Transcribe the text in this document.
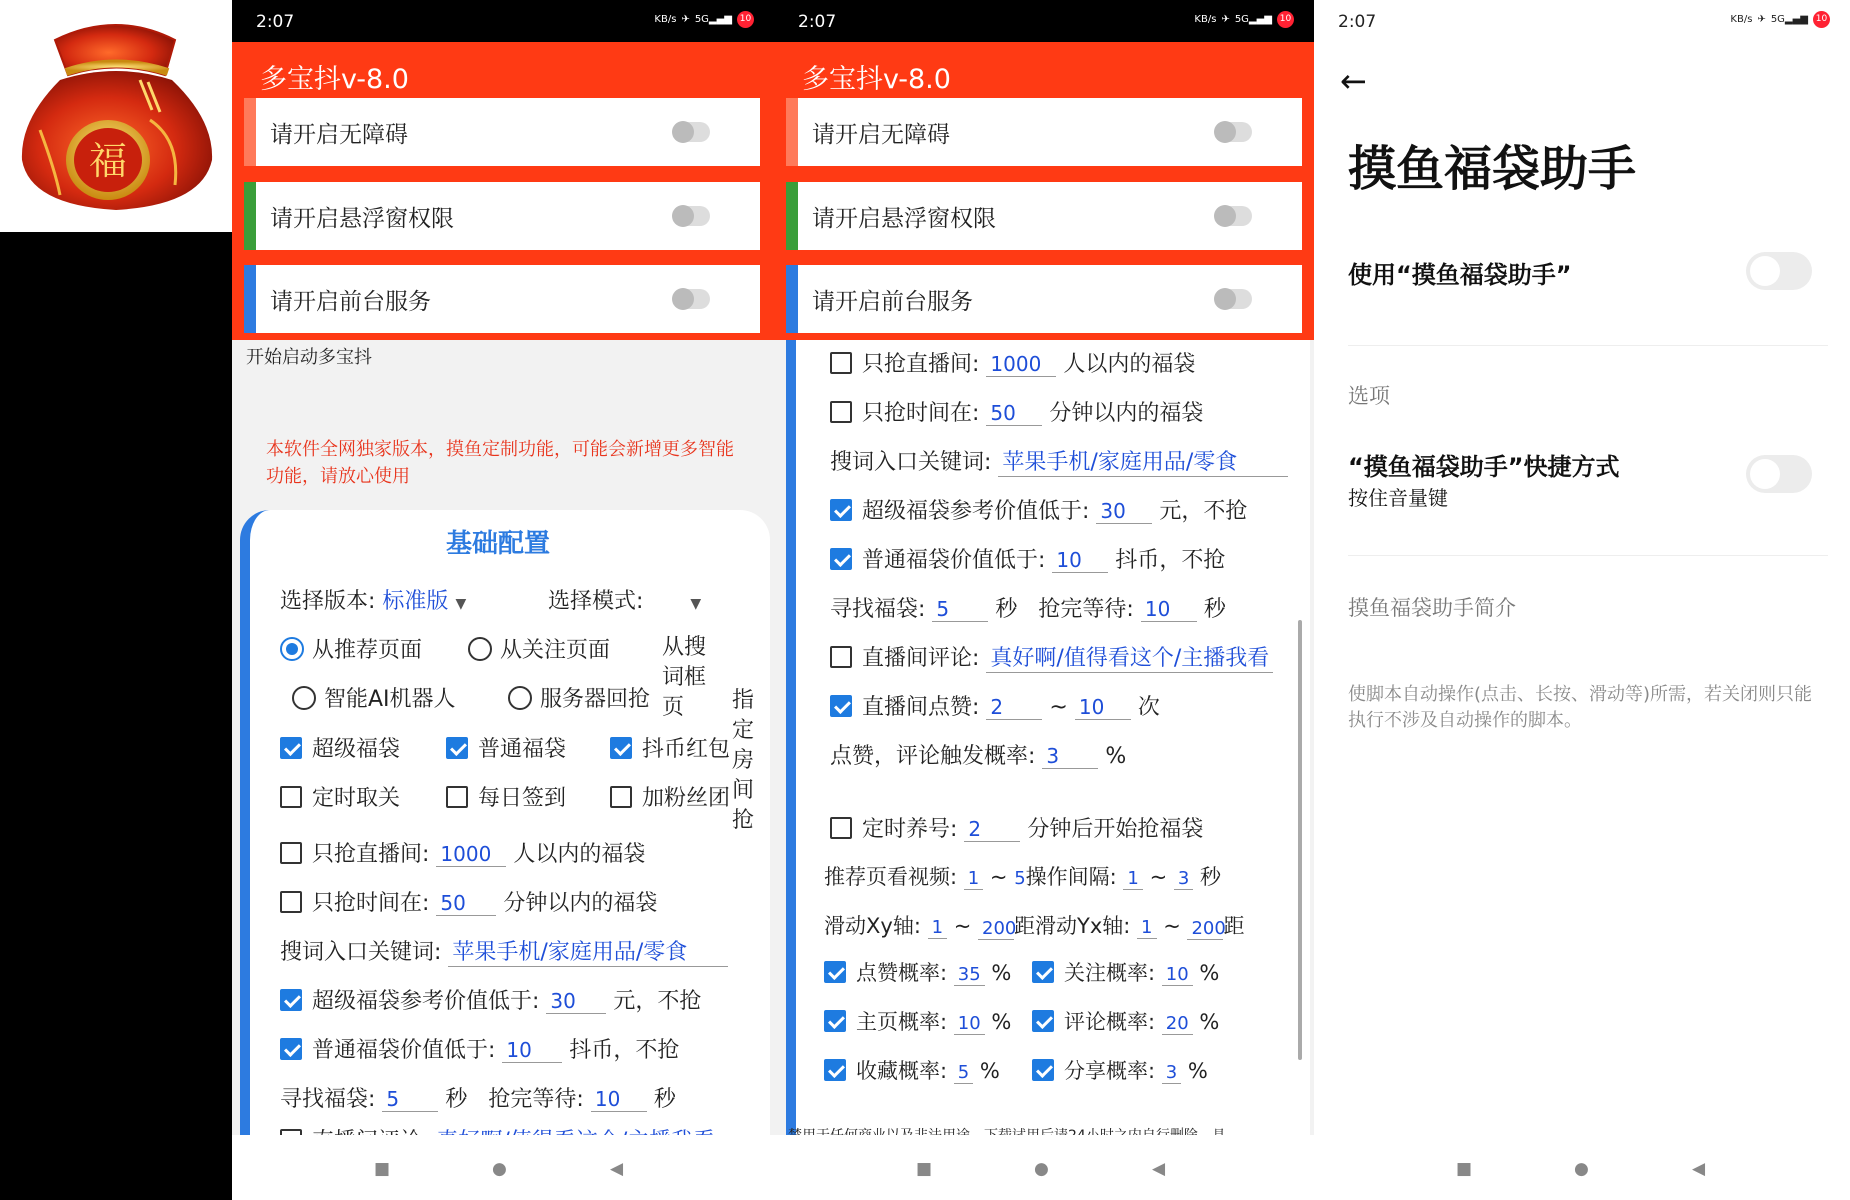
福
2:07	KB/s ✈ 5G▂▄▆ 10
多宝抖v-8.0
请开启无障碍
请开启悬浮窗权限
请开启前台服务
开始启动多宝抖
本软件全网独家版本，摸鱼定制功能，可能会新增更多智能功能，请放心使用
基础配置
选择版本: 标准版 ▼	选择模式:	▼
从推荐页面	从关注页面 从搜词框页
智能AI机器人	服务器回抢	指定房间抢
超级福袋	普通福袋	抖币红包
定时取关	每日签到	加粉丝团
只抢直播间: 1000 人以内的福袋
只抢时间在: 50 分钟以内的福袋
搜词入口关键词: 苹果手机/家庭用品/零食
超级福袋参考价值低于: 30 元，不抢
普通福袋价值低于: 10 抖币，不抢
寻找福袋: 5 秒 抢完等待: 10 秒
■	●	◀
2:07	KB/s ✈ 5G▂▄▆ 10
多宝抖v-8.0
请开启无障碍
请开启悬浮窗权限
请开启前台服务
只抢直播间: 1000 人以内的福袋
只抢时间在: 50 分钟以内的福袋
搜词入口关键词: 苹果手机/家庭用品/零食
超级福袋参考价值低于: 30 元，不抢
普通福袋价值低于: 10 抖币，不抢
寻找福袋: 5 秒 抢完等待: 10 秒
直播间评论: 真好啊/值得看这个/主播我看
直播间点赞: 2 ~ 10 次
点赞，评论触发概率: 3 %
定时养号: 2 分钟后开始抢福袋
推荐页看视频: 1 ~ 5操作间隔: 1 ~ 3 秒
滑动Xy轴: 1 ~ 200距滑动Yx轴: 1 ~ 200距
点赞概率: 35 %	关注概率: 10 %
主页概率: 10 %	评论概率: 20 %
收藏概率: 5 %	分享概率: 3 %
■	●	◀
2:07	KB/s ✈ 5G▂▄▆ 10
←
摸鱼福袋助手
使用“摸鱼福袋助手”
选项
“摸鱼福袋助手”快捷方式
按住音量键
摸鱼福袋助手简介
使脚本自动操作(点击、长按、滑动等)所需，若关闭则只能执行不涉及自动操作的脚本。
■	●	◀
